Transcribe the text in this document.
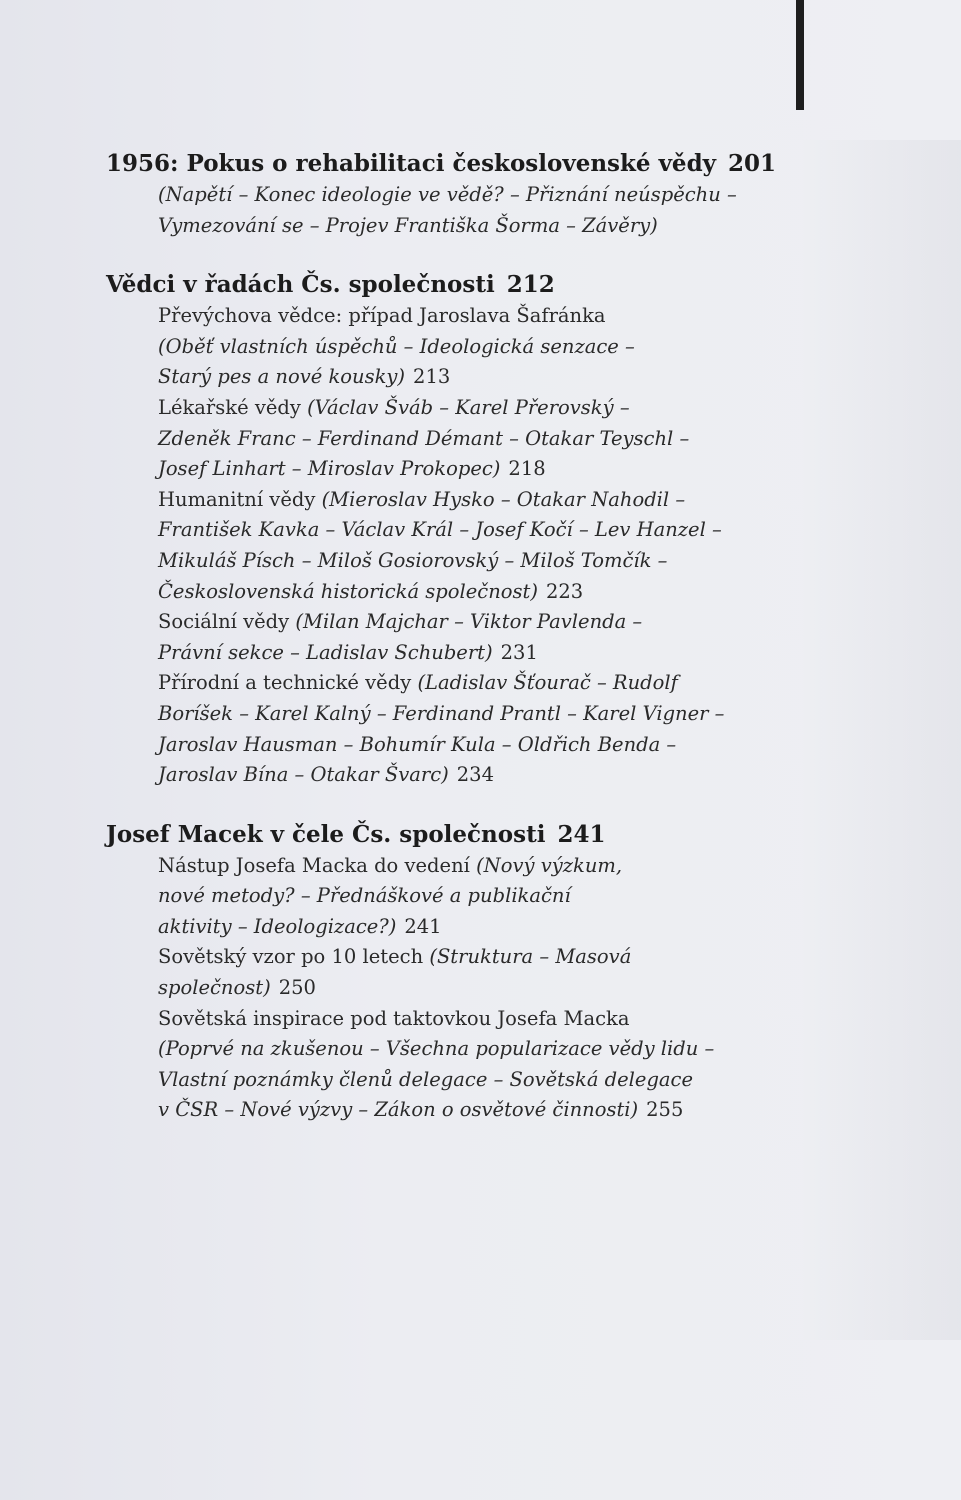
1956: Pokus o rehabilitaci československé vědy 201
(Napětí – Konec ideologie ve vědě? – Přiznání neúspěchu –
Vymezování se – Projev Františka Šorma – Závěry)
Vědci v řadách Čs. společnosti 212
Převýchova vědce: případ Jaroslava Šafránka
(Oběť vlastních úspěchů – Ideologická senzace –
Starý pes a nové kousky) 213
Lékařské vědy (Václav Šváb – Karel Přerovský –
Zdeněk Franc – Ferdinand Démant – Otakar Teyschl –
Josef Linhart – Miroslav Prokopec) 218
Humanitní vědy (Mieroslav Hysko – Otakar Nahodil –
František Kavka – Václav Král – Josef Kočí – Lev Hanzel –
Mikuláš Písch – Miloš Gosiorovský – Miloš Tomčík –
Československá historická společnost) 223
Sociální vědy (Milan Majchar – Viktor Pavlenda –
Právní sekce – Ladislav Schubert) 231
Přírodní a technické vědy (Ladislav Šťourač – Rudolf
Boríšek – Karel Kalný – Ferdinand Prantl – Karel Vigner –
Jaroslav Hausman – Bohumír Kula – Oldřich Benda –
Jaroslav Bína – Otakar Švarc) 234
Josef Macek v čele Čs. společnosti 241
Nástup Josefa Macka do vedení (Nový výzkum,
nové metody? – Přednáškové a publikační
aktivity – Ideologizace?) 241
Sovětský vzor po 10 letech (Struktura – Masová
společnost) 250
Sovětská inspirace pod taktovkou Josefa Macka
(Poprvé na zkušenou – Všechna popularizace vědy lidu –
Vlastní poznámky členů delegace – Sovětská delegace
v ČSR – Nové výzvy – Zákon o osvětové činnosti) 255
